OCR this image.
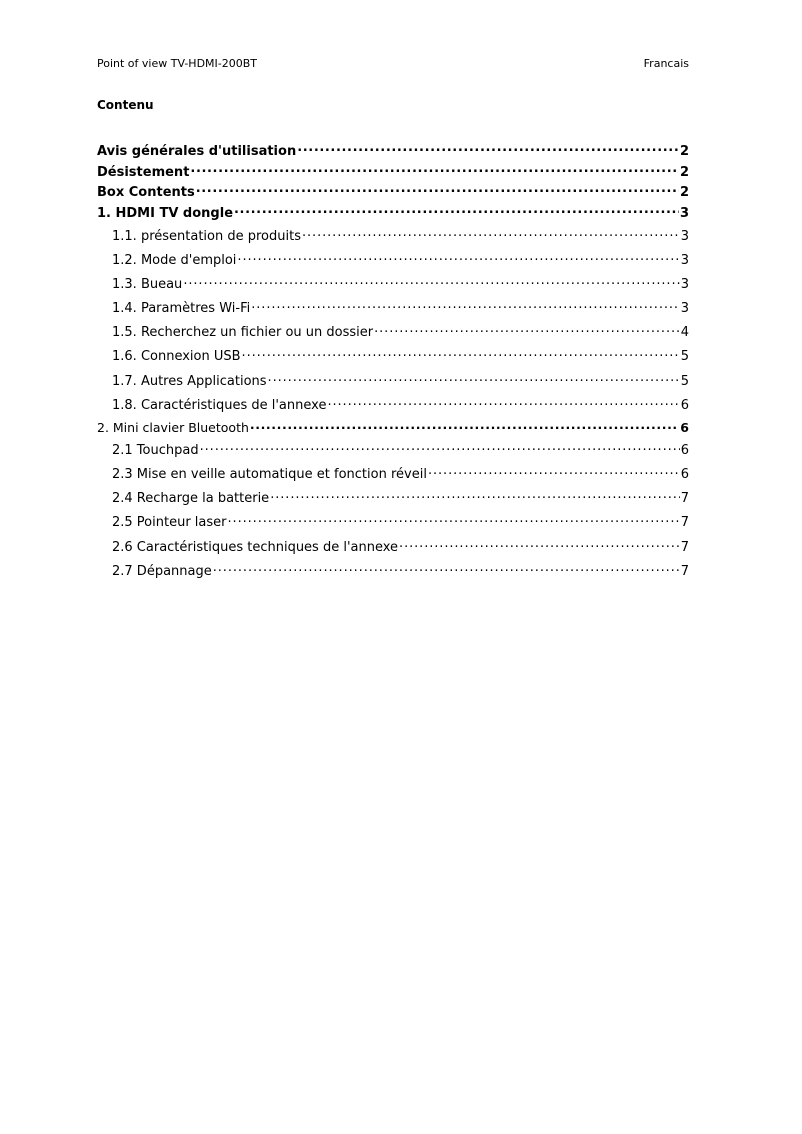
Point of view TV-HDMI-200BT	Francais
Contenu
Avis générales d'utilisation .....	2
Désistement .....	2
Box Contents .....	2
1. HDMI TV dongle .....	3
1.1. présentation de produits .....	3
1.2. Mode d'emploi .....	3
1.3. Bueau .....	3
1.4. Paramètres Wi-Fi .....	3
1.5. Recherchez un fichier ou un dossier .....	4
1.6. Connexion USB .....	5
1.7. Autres Applications .....	5
1.8. Caractéristiques de l'annexe .....	6
2. Mini clavier Bluetooth .....	6
2.1 Touchpad .....	6
2.3 Mise en veille automatique et fonction réveil .....	6
2.4 Recharge la batterie .....	7
2.5 Pointeur laser .....	7
2.6 Caractéristiques techniques de l'annexe .....	7
2.7 Dépannage .....	7
